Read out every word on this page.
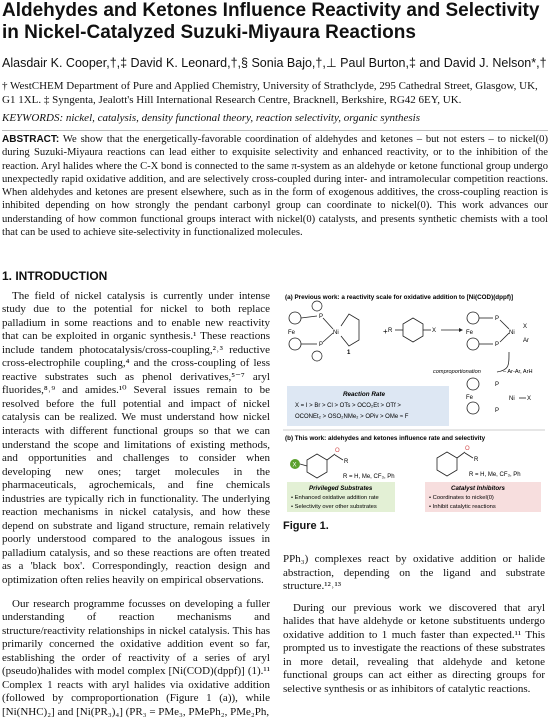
Aldehydes and Ketones Influence Reactivity and Selectivity in Nickel-Catalyzed Suzuki-Miyaura Reactions
Alasdair K. Cooper,†,‡ David K. Leonard,†,§ Sonia Bajo,†,⊥ Paul Burton,‡ and David J. Nelson*,†
† WestCHEM Department of Pure and Applied Chemistry, University of Strathclyde, 295 Cathedral Street, Glasgow, UK, G1 1XL. ‡ Syngenta, Jealott's Hill International Research Centre, Bracknell, Berkshire, RG42 6EY, UK.
KEYWORDS: nickel, catalysis, density functional theory, reaction selectivity, organic synthesis
ABSTRACT: We show that the energetically-favorable coordination of aldehydes and ketones – but not esters – to nickel(0) during Suzuki-Miyaura reactions can lead either to exquisite selectivity and enhanced reactivity, or to the inhibition of the reaction. Aryl halides where the C-X bond is connected to the same π-system as an aldehyde or ketone functional group undergo unexpectedly rapid oxidative addition, and are selectively cross-coupled during inter- and intramolecular competition reactions. When aldehydes and ketones are present elsewhere, such as in the form of exogenous additives, the cross-coupling reaction is inhibited depending on how strongly the pendant carbonyl group can coordinate to nickel(0). This work advances our understanding of how common functional groups interact with nickel(0) catalysts, and presents synthetic chemists with a tool that can be used to achieve site-selectivity in functionalized molecules.
1. INTRODUCTION

The field of nickel catalysis is currently under intense study due to the potential for nickel to both replace palladium in some reactions and to enable new reactivity that can be exploited in organic synthesis.¹ These reactions include tandem photocatalysis/cross-coupling,²˒³ reductive cross-electrophile coupling,⁴ and the cross-coupling of less reactive substrates such as phenol derivatives,⁵⁻⁷ aryl fluorides,⁸˒⁹ and amides.¹⁰ Several issues remain to be resolved before the full potential and impact of nickel catalysis can be realized. We must understand how nickel interacts with different functional groups so that we can understand the scope and limitations of existing methods, and opportunities and challenges to consider when developing new ones; target molecules in the pharmaceuticals, agrochemicals, and fine chemicals industries are typically rich in functionality. The underlying reaction mechanisms in nickel catalysis, and how these depend on substrate and ligand structure, remain relatively poorly understood compared to the analogous issues in palladium catalysis, and so these reactions are often treated as a 'black box'. Correspondingly, reaction design and optimization often relies heavily on empirical observations.

Our research programme focusses on developing a fuller understanding of reaction mechanisms and structure/reactivity relationships in nickel catalysis. This has primarily concerned the oxidative addition event so far, establishing the order of reactivity of a series of aryl (pseudo)halides with model complex [Ni(COD)(dppf)] (1).¹¹ Complex 1 reacts with aryl halides via oxidative addition (followed by comproportionation (Figure 1 (a)), while [Ni(NHC)₂] and [Ni(PR₃)₄] (PR₃ = PMe₃, PMePh₂, PMe₂Ph,

(a) Previous work: a reactivity scale for oxidative addition to [Ni(COD)(dppf)]
Fe
P
P
Ni
1
+ R	X	Fe
P
P
Ni
X
Ar
comproportionation	– Ar-Ar, ArH
Fe
P
P
Ni X
Reaction Rate
X = I > Br > Cl > OTs > OCO₂Et > OTf >
OCONEt₂ > OSO₂NMe₂ > OPiv > OMe ≈ F
(b) This work: aldehydes and ketones influence rate and selectivity
X
O
R
R = H, Me, CF₃, Ph
O
R
R = H, Me, CF₃, Ph
Privileged Substrates
• Enhanced oxidative addition rate
• Selectivity over other substrates
Catalyst Inhibitors
• Coordinates to nickel(0)
• Inhibit catalytic reactions
Figure 1.

PPh₃) complexes react by oxidative addition or halide abstraction, depending on the ligand and substrate structure.¹²˒¹³

During our previous work we discovered that aryl halides that have aldehyde or ketone substituents undergo oxidative addition to 1 much faster than expected.¹¹ This prompted us to investigate the reactions of these substrates in more detail, revealing that aldehyde and ketone functional groups can act either as directing groups for selective synthesis or as inhibitors of catalytic reactions.
